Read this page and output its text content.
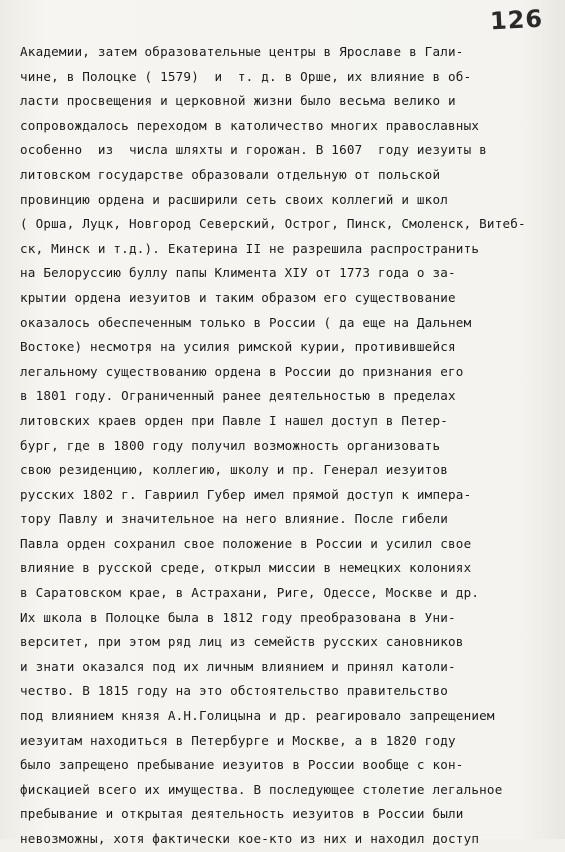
126
Академии, затем образовательные центры в Ярославе в Гали-
чине, в Полоцке ( 1579)  и  т. д. в Орше, их влияние в об-
ласти просвещения и церковной жизни было весьма велико и
сопровождалось переходом в католичество многих православных
особенно  из  числа шляхты и горожан. В 1607  году иезуиты в
литовском государстве образовали отдельную от польской
провинцию ордена и расширили сеть своих коллегий и школ
( Орша, Луцк, Новгород Северский, Острог, Пинск, Смоленск, Витеб-
ск, Минск и т.д.). Екатерина II не разрешила распространить
на Белоруссию буллу папы Климента XIУ от 1773 года о за-
крытии ордена иезуитов и таким образом его существование
оказалось обеспеченным только в России ( да еще на Дальнем
Востоке) несмотря на усилия римской курии, противившейся
легальному существованию ордена в России до признания его
в 1801 году. Ограниченный ранее деятельностью в пределах
литовских краев орден при Павле I нашел доступ в Петер-
бург, где в 1800 году получил возможность организовать
свою резиденцию, коллегию, школу и пр. Генерал иезуитов
русских 1802 г. Гавриил Губер имел прямой доступ к импера-
тору Павлу и значительное на него влияние. После гибели
Павла орден сохранил свое положение в России и усилил свое
влияние в русской среде, открыл миссии в немецких колониях
в Саратовском крае, в Астрахани, Риге, Одессе, Москве и др.
Их школа в Полоцке была в 1812 году преобразована в Уни-
верситет, при этом ряд лиц из семейств русских сановников
и знати оказался под их личным влиянием и принял католи-
чество. В 1815 году на это обстоятельство правительство
под влиянием князя А.Н.Голицына и др. реагировало запрещением
иезуитам находиться в Петербурге и Москве, а в 1820 году
было запрещено пребывание иезуитов в России вообще с кон-
фискацией всего их имущества. В последующее столетие легальное
пребывание и открытая деятельность иезуитов в России были
невозможны, хотя фактически кое-кто из них и находил доступ
